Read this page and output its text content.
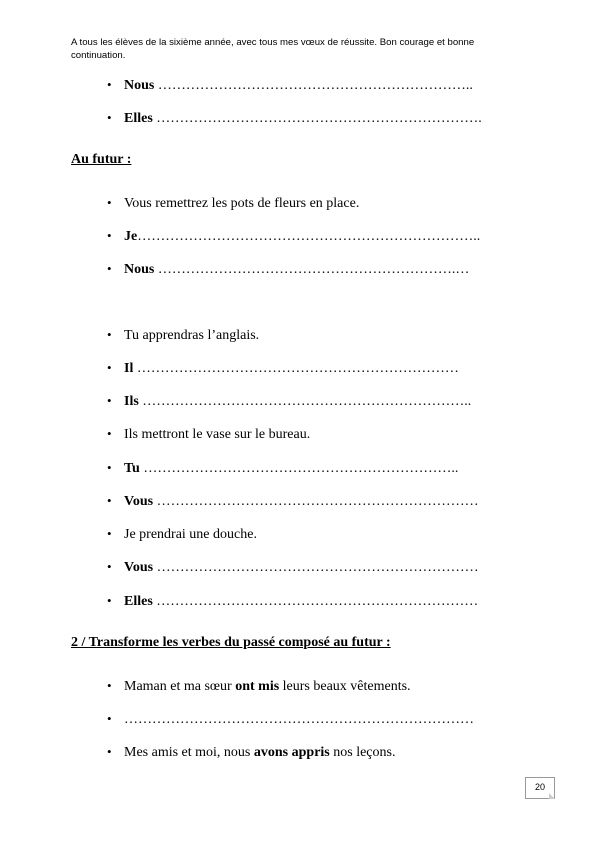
A tous les élèves de la sixième année, avec tous mes vœux de réussite. Bon courage et bonne
continuation.
•Nous …………………………………………………………..
•Elles …………………………………………………………….
Au futur :
•Vous remettrez les pots de fleurs en place.
•Je………………………………………………………………..
•Nous ……………………………………………………….…
•Tu apprendras l’anglais.
•Il ……………………………………………………………
•Ils ……………………………………………………………..
•Ils mettront le vase sur le bureau.
•Tu …………………………………………………………..
•Vous ……………………………………………………………
•Je prendrai une douche.
•Vous ……………………………………………………………
•Elles ……………………………………………………………
2 / Transforme les verbes du passé composé au futur :
•Maman et ma sœur ont mis leurs beaux vêtements.
•…………………………………………………………………
•Mes amis et moi, nous avons appris nos leçons.
20
